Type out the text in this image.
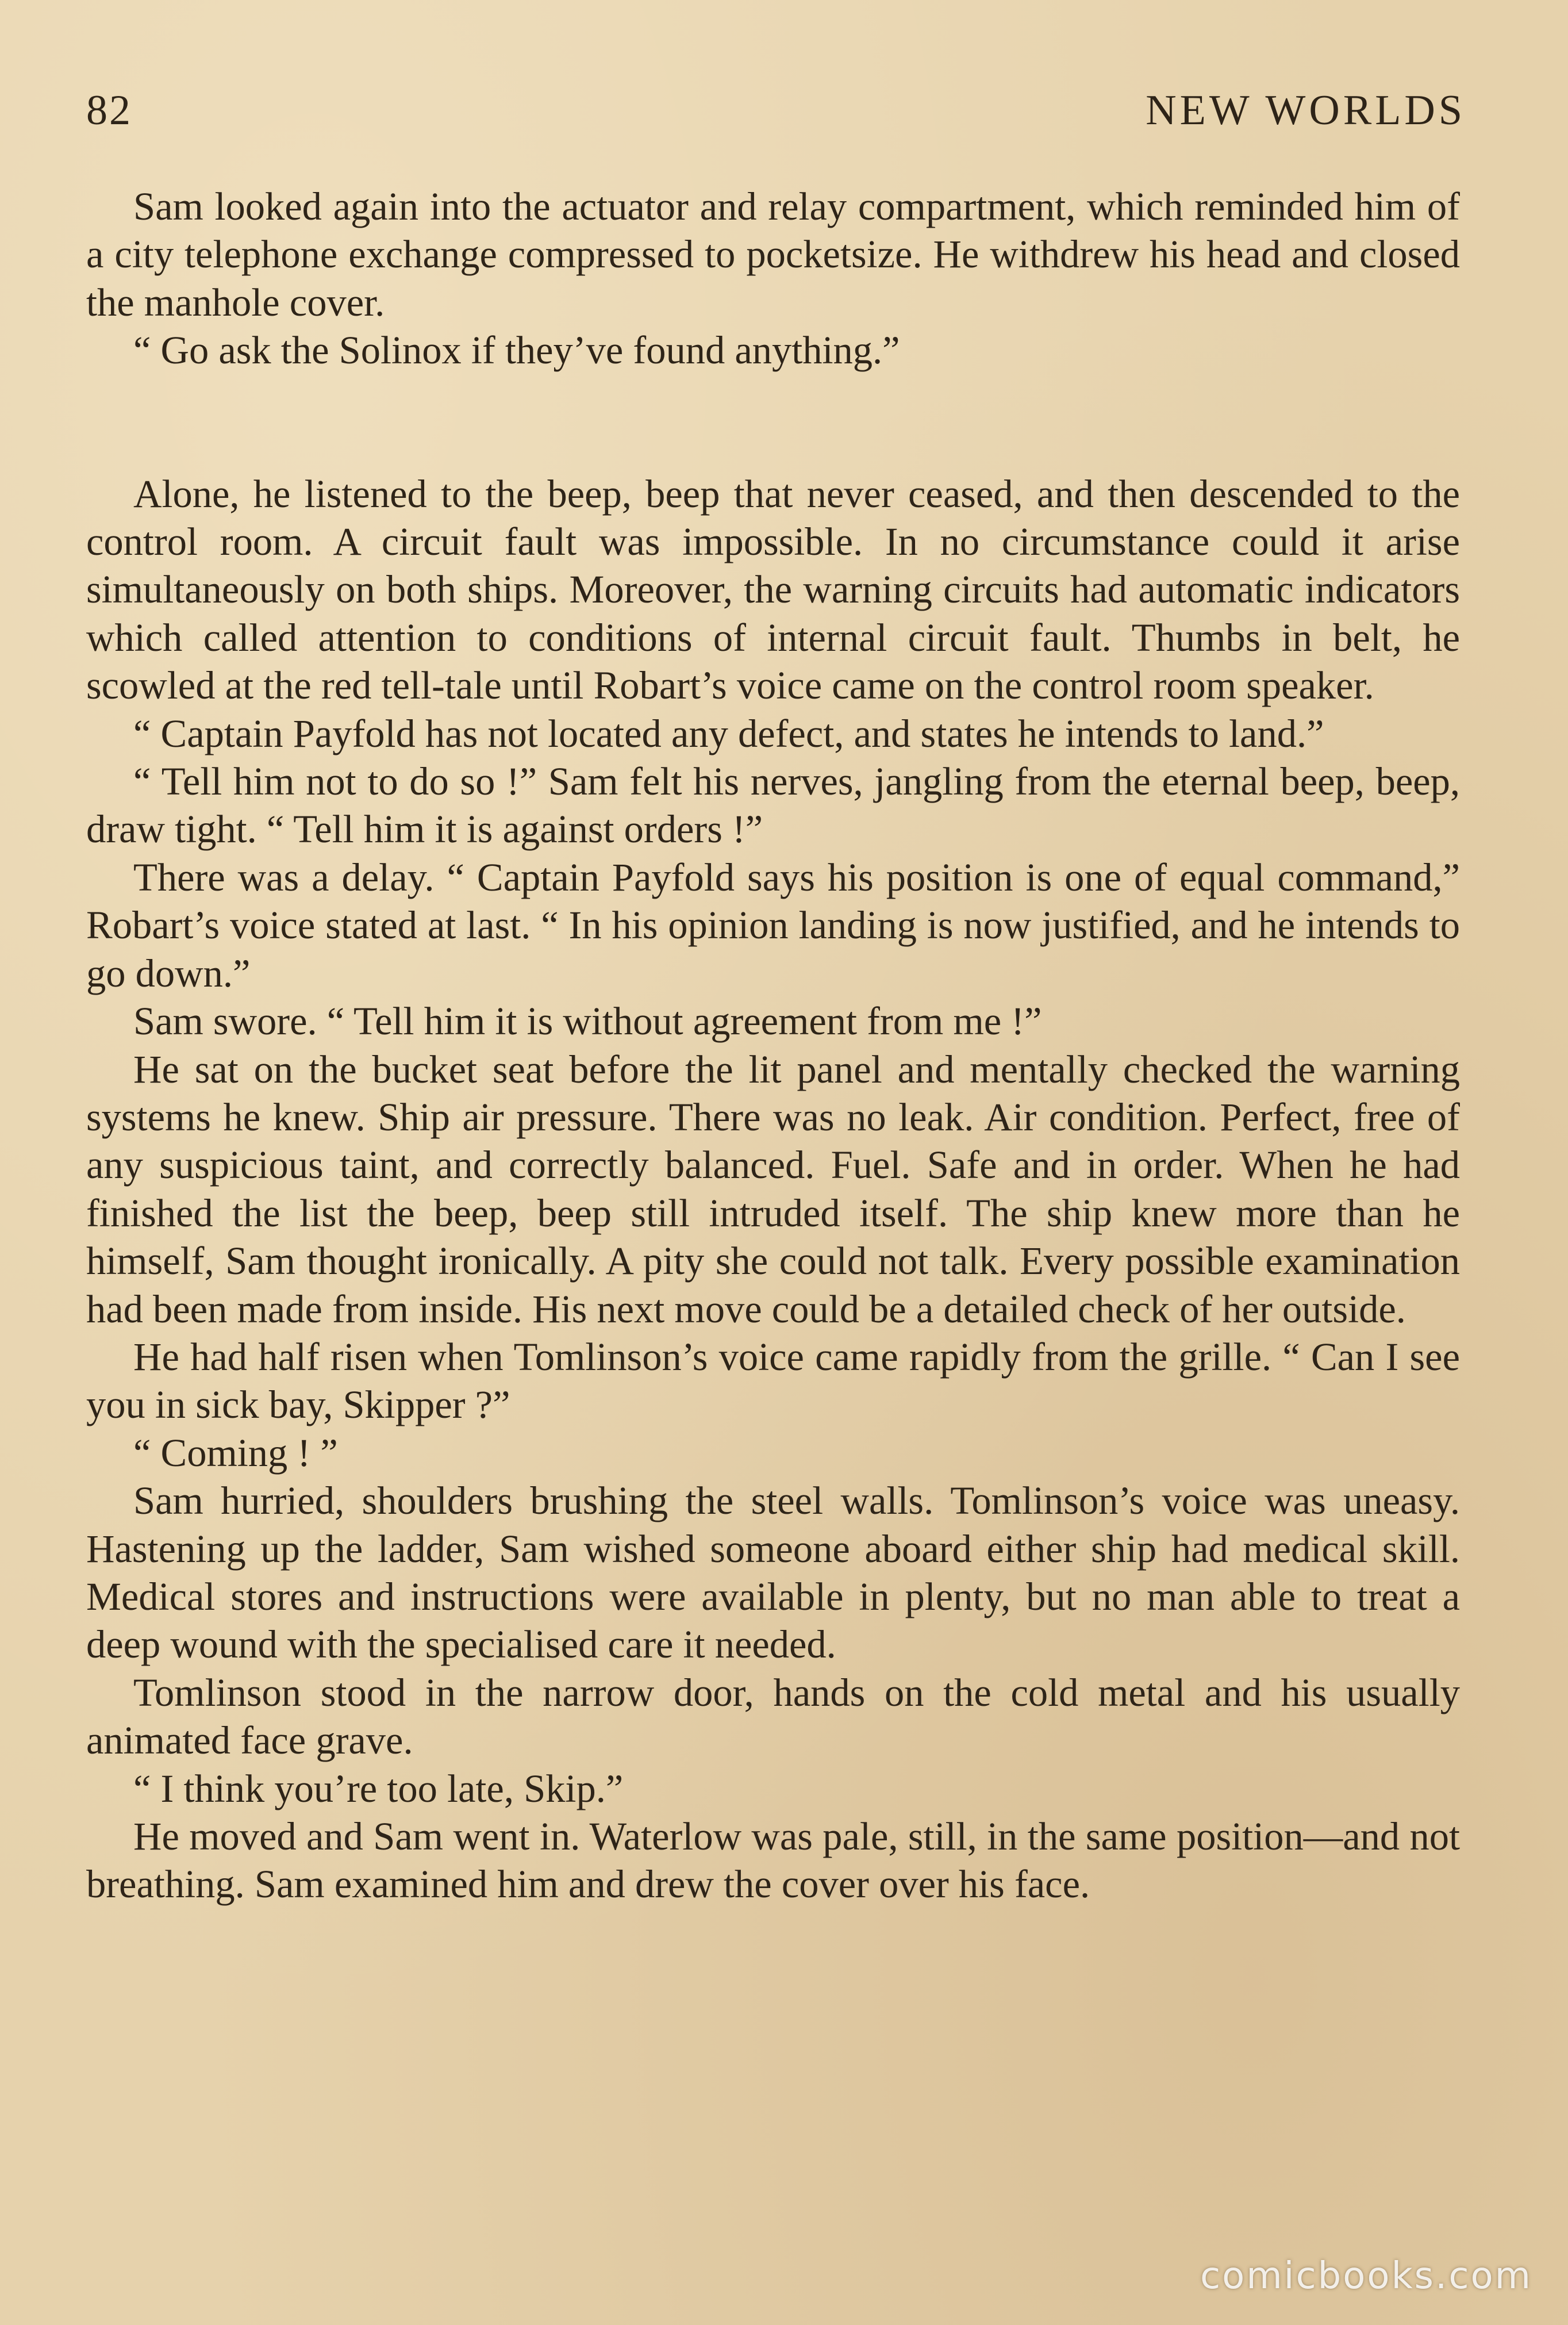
82	NEW WORLDS

Sam looked again into the actuator and relay compartment, which reminded him of a city telephone exchange compressed to pocketsize. He withdrew his head and closed the manhole cover.

“ Go ask the Solinox if they’ve found anything.”

Alone, he listened to the beep, beep that never ceased, and then descended to the control room. A circuit fault was impossible. In no circumstance could it arise simultaneously on both ships. Moreover, the warning circuits had automatic indicators which called attention to conditions of internal circuit fault. Thumbs in belt, he scowled at the red tell-tale until Robart’s voice came on the control room speaker.

“ Captain Payfold has not located any defect, and states he intends to land.”

“ Tell him not to do so !” Sam felt his nerves, jangling from the eternal beep, beep, draw tight. “ Tell him it is against orders !”

There was a delay. “ Captain Payfold says his position is one of equal command,” Robart’s voice stated at last. “ In his opinion landing is now justified, and he intends to go down.”

Sam swore. “ Tell him it is without agreement from me !”

He sat on the bucket seat before the lit panel and mentally checked the warning systems he knew. Ship air pressure. There was no leak. Air condition. Perfect, free of any suspicious taint, and correctly balanced. Fuel. Safe and in order. When he had finished the list the beep, beep still intruded itself. The ship knew more than he himself, Sam thought ironically. A pity she could not talk. Every possible examination had been made from inside. His next move could be a detailed check of her outside.

He had half risen when Tomlinson’s voice came rapidly from the grille. “ Can I see you in sick bay, Skipper ?”

“ Coming ! ”

Sam hurried, shoulders brushing the steel walls. Tomlinson’s voice was uneasy. Hastening up the ladder, Sam wished someone aboard either ship had medical skill. Medical stores and instructions were available in plenty, but no man able to treat a deep wound with the specialised care it needed.

Tomlinson stood in the narrow door, hands on the cold metal and his usually animated face grave.

“ I think you’re too late, Skip.”

He moved and Sam went in. Waterlow was pale, still, in the same position—and not breathing. Sam examined him and drew the cover over his face.

comicbooks.com
